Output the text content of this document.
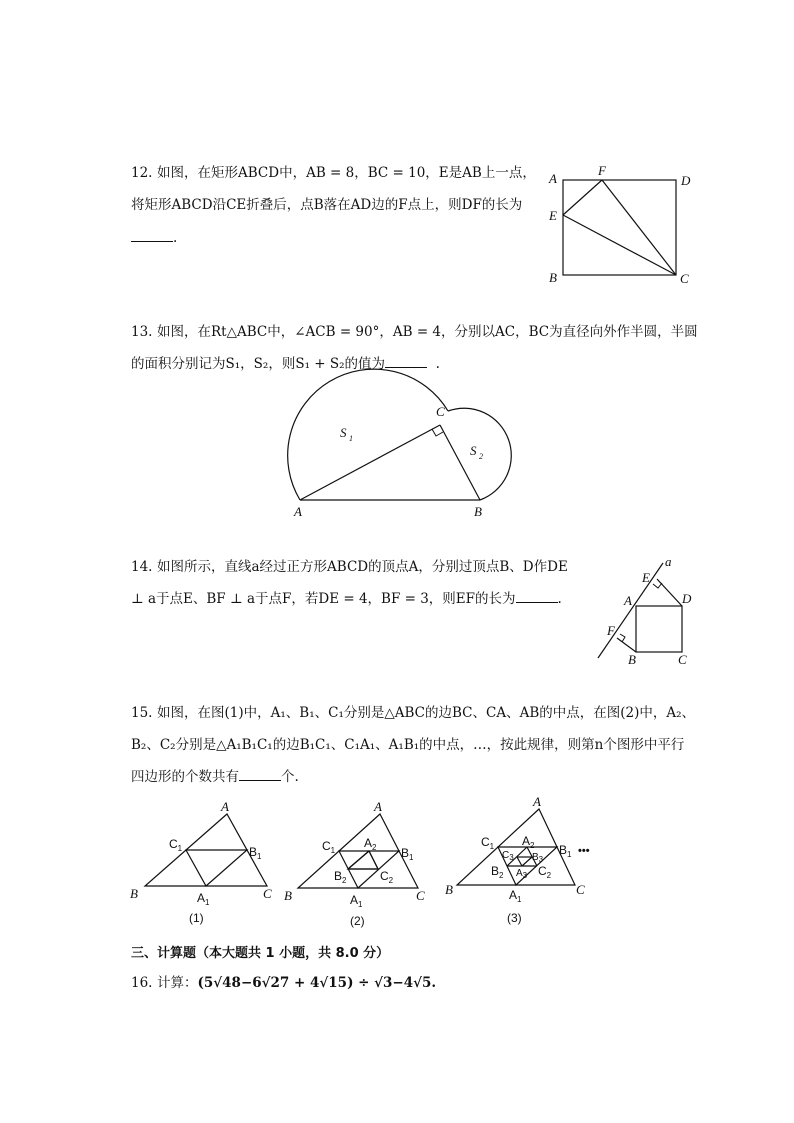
12. 如图，在矩形ABCD中，AB = 8，BC = 10，E是AB上一点，
将矩形ABCD沿CE折叠后，点B落在AD边的F点上，则DF的长为
.
A
F
D
E
B	C
13. 如图，在Rt△ABC中，∠ACB = 90°，AB = 4，分别以AC，BC为直径向外作半圆，半圆
的面积分别记为S₁，S₂，则S₁ + S₂的值为	.
S 1
S 2
A	B
C
14. 如图所示，直线a经过正方形ABCD的顶点A，分别过顶点B、D作DE
⊥ a于点E、BF ⊥ a于点F，若DE = 4，BF = 3，则EF的长为	.
a
E
A	D
F
B	C
15. 如图，在图(1)中，A₁、B₁、C₁分别是△ABC的边BC、CA、AB的中点，在图(2)中，A₂、
B₂、C₂分别是△A₁B₁C₁的边B₁C₁、C₁A₁、A₁B₁的中点，…，按此规律，则第n个图形中平行
四边形的个数共有	个.
A
B	C
$C_1$	$B_1$
$A_1$
(1)
A
B	C
$C_1$	$B_1$
$A_1$
$A_2$
$B_2$	$C_2$
(2)
A
B	C
$C_1$	$B_1$
$A_1$
$A_2$
$B_2$	$C_2$
$C_3$ $B_3$
$A_3$
•••
(3)
三、计算题（本大题共 1 小题，共 8.0 分）
16. 计算：(5√48−6√27 + 4√15) ÷ √3−4√5.
